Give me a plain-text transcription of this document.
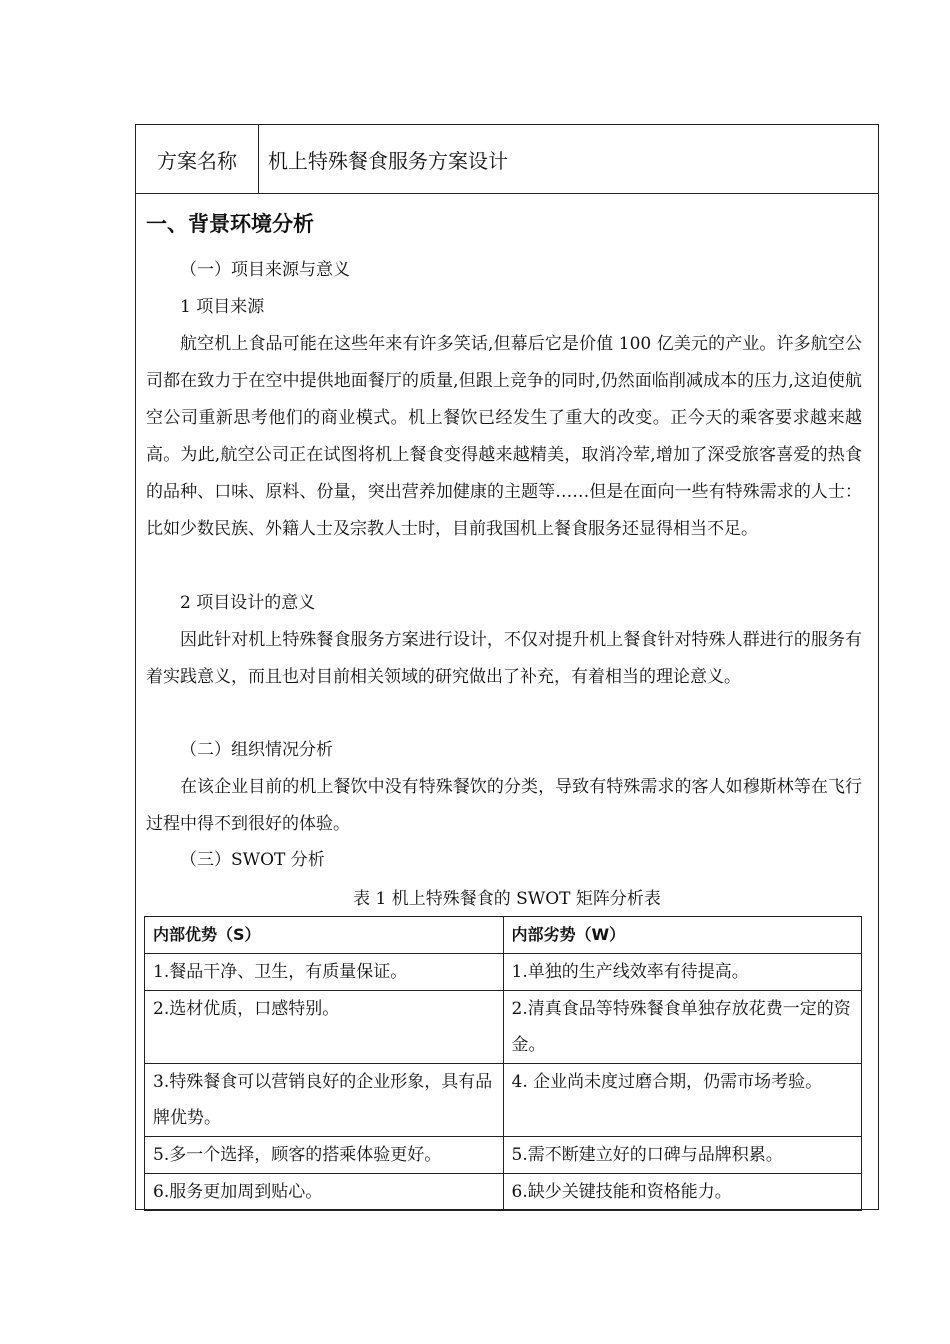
方案名称	机上特殊餐食服务方案设计
一、背景环境分析
（一）项目来源与意义
1 项目来源
航空机上食品可能在这些年来有许多笑话,但幕后它是价值 100 亿美元的产业。许多航空公司都在致力于在空中提供地面餐厅的质量,但跟上竞争的同时,仍然面临削减成本的压力,这迫使航空公司重新思考他们的商业模式。机上餐饮已经发生了重大的改变。正今天的乘客要求越来越高。为此,航空公司正在试图将机上餐食变得越来越精美，取消冷荤,增加了深受旅客喜爱的热食的品种、口味、原料、份量，突出营养加健康的主题等……但是在面向一些有特殊需求的人士：比如少数民族、外籍人士及宗教人士时，目前我国机上餐食服务还显得相当不足。
2 项目设计的意义
因此针对机上特殊餐食服务方案进行设计，不仅对提升机上餐食针对特殊人群进行的服务有着实践意义，而且也对目前相关领域的研究做出了补充，有着相当的理论意义。
（二）组织情况分析
在该企业目前的机上餐饮中没有特殊餐饮的分类，导致有特殊需求的客人如穆斯林等在飞行过程中得不到很好的体验。
（三）SWOT 分析
表 1 机上特殊餐食的 SWOT 矩阵分析表
内部优势（S）	内部劣势（W）
1.餐品干净、卫生，有质量保证。	1.单独的生产线效率有待提高。
2.选材优质，口感特别。	2.清真食品等特殊餐食单独存放花费一定的资金。
3.特殊餐食可以营销良好的企业形象，具有品牌优势。	4. 企业尚未度过磨合期，仍需市场考验。
5.多一个选择，顾客的搭乘体验更好。	5.需不断建立好的口碑与品牌积累。
6.服务更加周到贴心。	6.缺少关键技能和资格能力。
